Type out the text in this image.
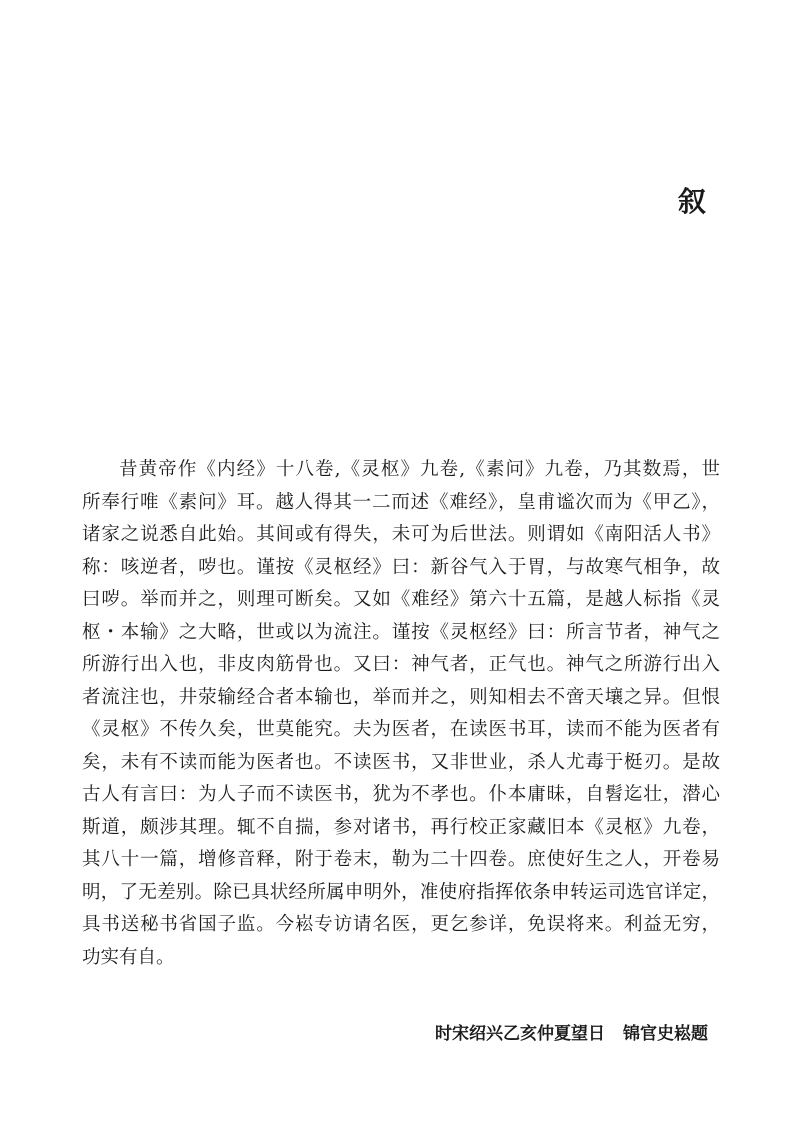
叙
昔黄帝作《内经》十八卷,《灵枢》九卷,《素问》九卷，乃其数焉，世
所奉行唯《素问》耳。越人得其一二而述《难经》，皇甫谧次而为《甲乙》，
诸家之说悉自此始。其间或有得失，未可为后世法。则谓如《南阳活人书》
称：咳逆者，哕也。谨按《灵枢经》曰：新谷气入于胃，与故寒气相争，故
曰哕。举而并之，则理可断矣。又如《难经》第六十五篇，是越人标指《灵
枢・本输》之大略，世或以为流注。谨按《灵枢经》曰：所言节者，神气之
所游行出入也，非皮肉筋骨也。又曰：神气者，正气也。神气之所游行出入
者流注也，井荥输经合者本输也，举而并之，则知相去不啻天壤之异。但恨
《灵枢》不传久矣，世莫能究。夫为医者，在读医书耳，读而不能为医者有
矣，未有不读而能为医者也。不读医书，又非世业，杀人尤毒于梃刃。是故
古人有言曰：为人子而不读医书，犹为不孝也。仆本庸昧，自髫迄壮，潜心
斯道，颇涉其理。辄不自揣，参对诸书，再行校正家藏旧本《灵枢》九卷，
其八十一篇，增修音释，附于卷末，勒为二十四卷。庶使好生之人，开卷易
明，了无差别。除已具状经所属申明外，准使府指挥依条申转运司选官详定，
具书送秘书省国子监。今崧专访请名医，更乞参详，免误将来。利益无穷，
功实有自。
时宋绍兴乙亥仲夏望日 锦官史崧题
